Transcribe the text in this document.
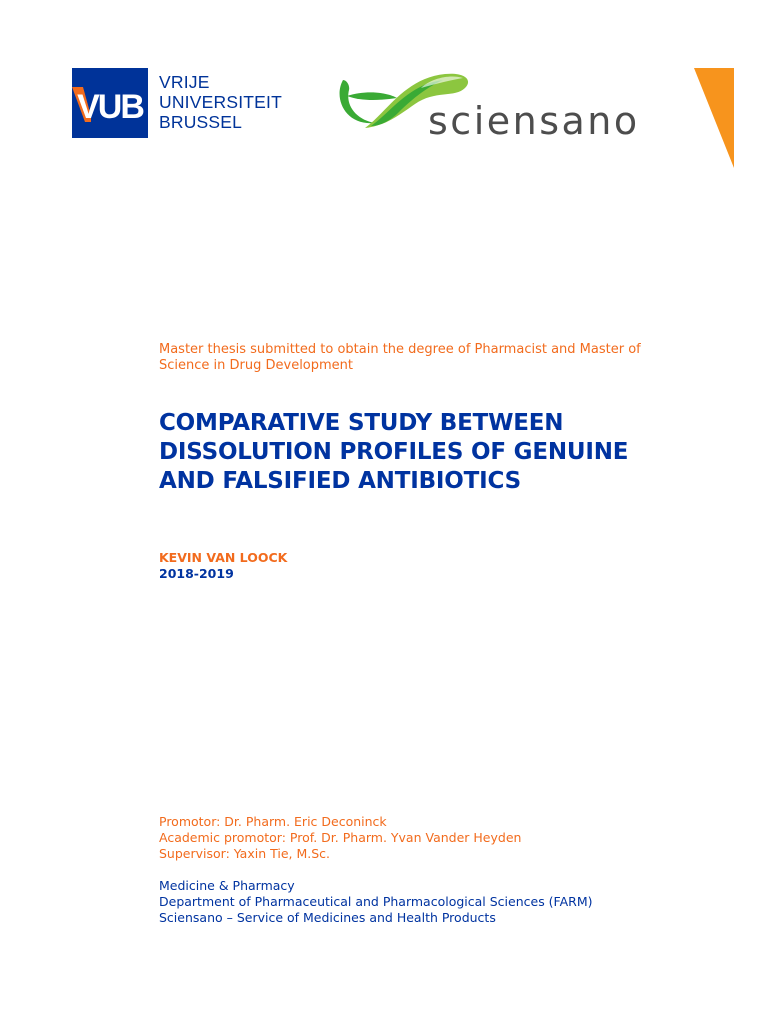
VUB
VRIJE
UNIVERSITEIT
BRUSSEL	sciensano
Master thesis submitted to obtain the degree of Pharmacist and Master of Science in Drug Development
COMPARATIVE STUDY BETWEEN
DISSOLUTION PROFILES OF GENUINE
AND FALSIFIED ANTIBIOTICS
KEVIN VAN LOOCK
2018-2019
Promotor: Dr. Pharm. Eric Deconinck
Academic promotor: Prof. Dr. Pharm. Yvan Vander Heyden
Supervisor: Yaxin Tie, M.Sc.
Medicine & Pharmacy
Department of Pharmaceutical and Pharmacological Sciences (FARM)
Sciensano – Service of Medicines and Health Products
